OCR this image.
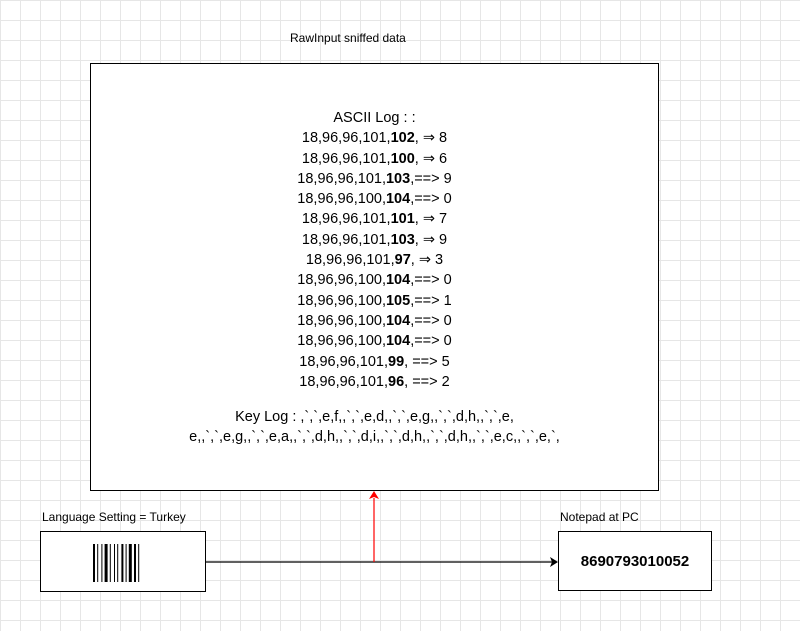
RawInput sniffed data
ASCII Log : :
18,96,96,101,102, ⇒ 8
18,96,96,101,100, ⇒ 6
18,96,96,101,103,==> 9
18,96,96,100,104,==> 0
18,96,96,101,101, ⇒ 7
18,96,96,101,103, ⇒ 9
18,96,96,101,97, ⇒ 3
18,96,96,100,104,==> 0
18,96,96,100,105,==> 1
18,96,96,100,104,==> 0
18,96,96,100,104,==> 0
18,96,96,101,99, ==> 5
18,96,96,101,96, ==> 2
Key Log : ,`,`,e,f,,`,`,e,d,,`,`,e,g,,`,`,d,h,,`,`,e,
e,,`,`,e,g,,`,`,e,a,,`,`,d,h,,`,`,d,i,,`,`,d,h,,`,`,d,h,,`,`,e,c,,`,`,e,`,
Language Setting = Turkey	Notepad at PC
8690793010052
